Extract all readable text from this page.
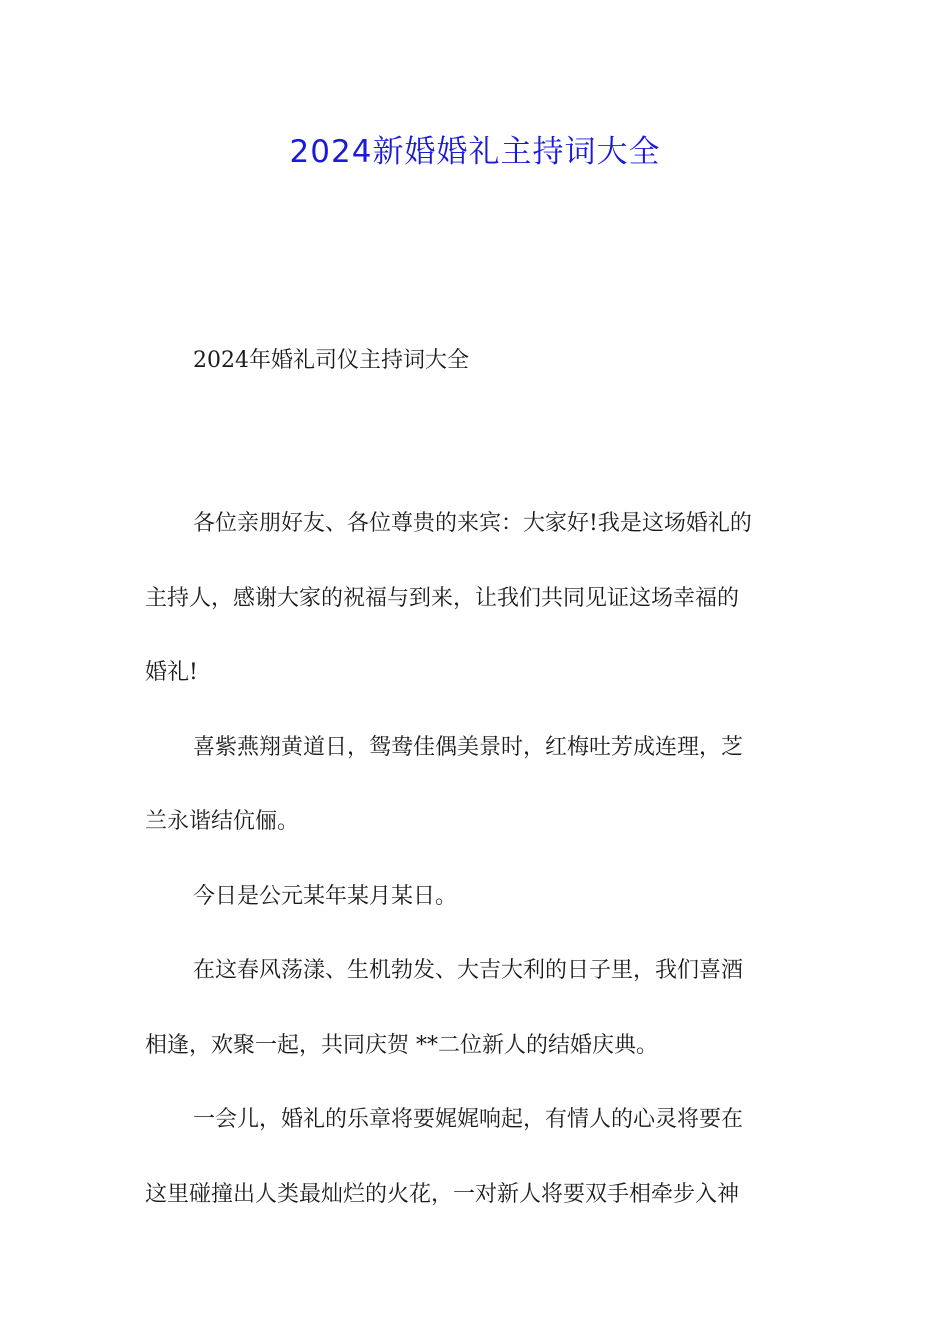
2024新婚婚礼主持词大全
2024年婚礼司仪主持词大全
各位亲朋好友、各位尊贵的来宾：大家好!我是这场婚礼的
主持人，感谢大家的祝福与到来，让我们共同见证这场幸福的
婚礼!
喜紫燕翔黄道日，鸳鸯佳偶美景时，红梅吐芳成连理，芝
兰永谐结伉俪。
今日是公元某年某月某日。
在这春风荡漾、生机勃发、大吉大利的日子里，我们喜酒
相逢，欢聚一起，共同庆贺 **二位新人的结婚庆典。
一会儿，婚礼的乐章将要娓娓响起，有情人的心灵将要在
这里碰撞出人类最灿烂的火花，一对新人将要双手相牵步入神
